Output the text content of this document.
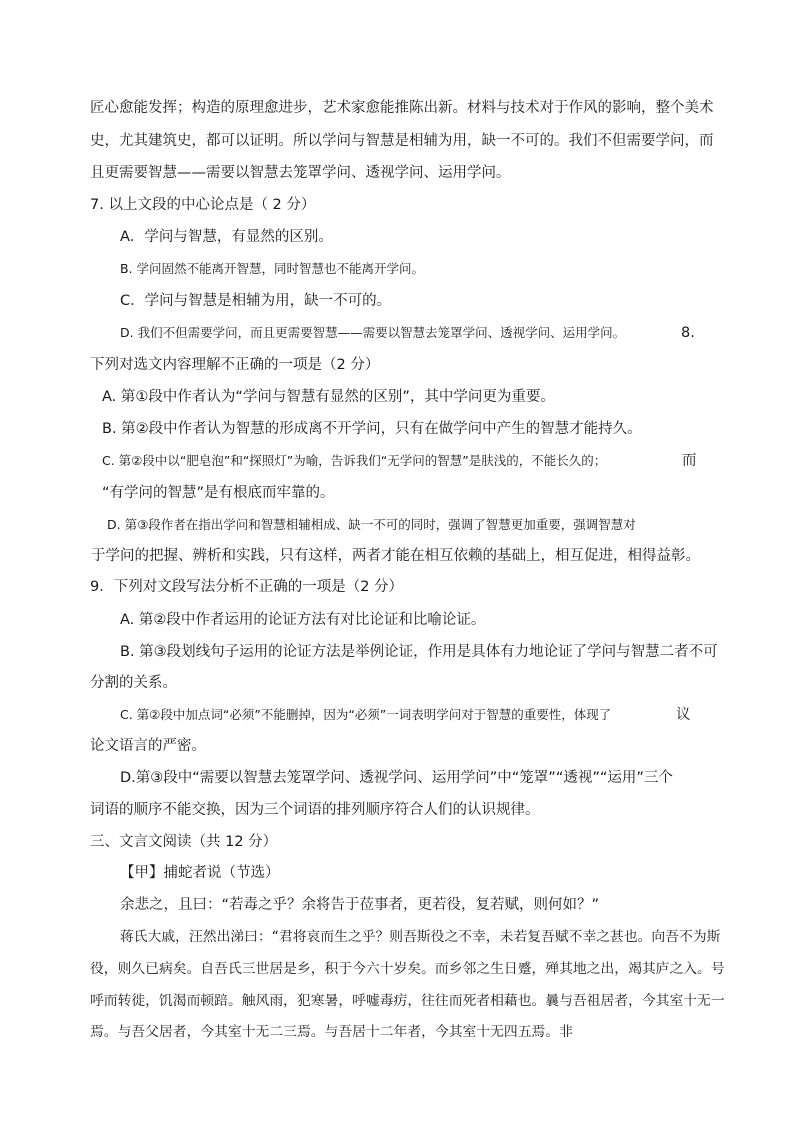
匠心愈能发挥；构造的原理愈进步，艺术家愈能推陈出新。材料与技术对于作风的影响，整个美术
史，尤其建筑史，都可以证明。所以学问与智慧是相辅为用，缺一不可的。我们不但需要学问，而
且更需要智慧——需要以智慧去笼罩学问、透视学问、运用学问。
7. 以上文段的中心论点是（ 2 分）
A．学问与智慧，有显然的区别。
B. 学问固然不能离开智慧，同时智慧也不能离开学问。
C．学问与智慧是相辅为用，缺一不可的。
D. 我们不但需要学问，而且更需要智慧——需要以智慧去笼罩学问、透视学问、运用学问。	8.
下列对选文内容理解不正确的一项是（2 分）
A. 第①段中作者认为“学问与智慧有显然的区别”，其中学问更为重要。
B. 第②段中作者认为智慧的形成离不开学问，只有在做学问中产生的智慧才能持久。
C. 第②段中以“肥皂泡”和“探照灯”为喻，告诉我们“无学问的智慧”是肤浅的，不能长久的；	而
“有学问的智慧”是有根底而牢靠的。
D. 第③段作者在指出学问和智慧相辅相成、缺一不可的同时，强调了智慧更加重要，强调智慧对
于学问的把握、辨析和实践，只有这样，两者才能在相互依赖的基础上，相互促进，相得益彰。
9．下列对文段写法分析不正确的一项是（2 分）
A. 第②段中作者运用的论证方法有对比论证和比喻论证。
B. 第③段划线句子运用的论证方法是举例论证，作用是具体有力地论证了学问与智慧二者不可
分割的关系。
C. 第②段中加点词“必须”不能删掉，因为“必须”一词表明学问对于智慧的重要性，体现了	议
论文语言的严密。
D.第③段中“需要以智慧去笼罩学问、透视学问、运用学问”中“笼罩”“透视”“运用”三个
词语的顺序不能交换，因为三个词语的排列顺序符合人们的认识规律。
三、文言文阅读（共 12 分）
【甲】捕蛇者说（节选）
余悲之，且曰：“若毒之乎？余将告于莅事者，更若役，复若赋，则何如？”
蒋氏大戚，汪然出涕曰：“君将哀而生之乎？则吾斯役之不幸，未若复吾赋不幸之甚也。向吾不为斯
役，则久已病矣。自吾氏三世居是乡，积于今六十岁矣。而乡邻之生日蹙，殚其地之出，竭其庐之入。号
呼而转徙，饥渴而顿踣。触风雨，犯寒暑，呼嘘毒疠，往往而死者相藉也。曩与吾祖居者，今其室十无一
焉。与吾父居者，今其室十无二三焉。与吾居十二年者，今其室十无四五焉。非
